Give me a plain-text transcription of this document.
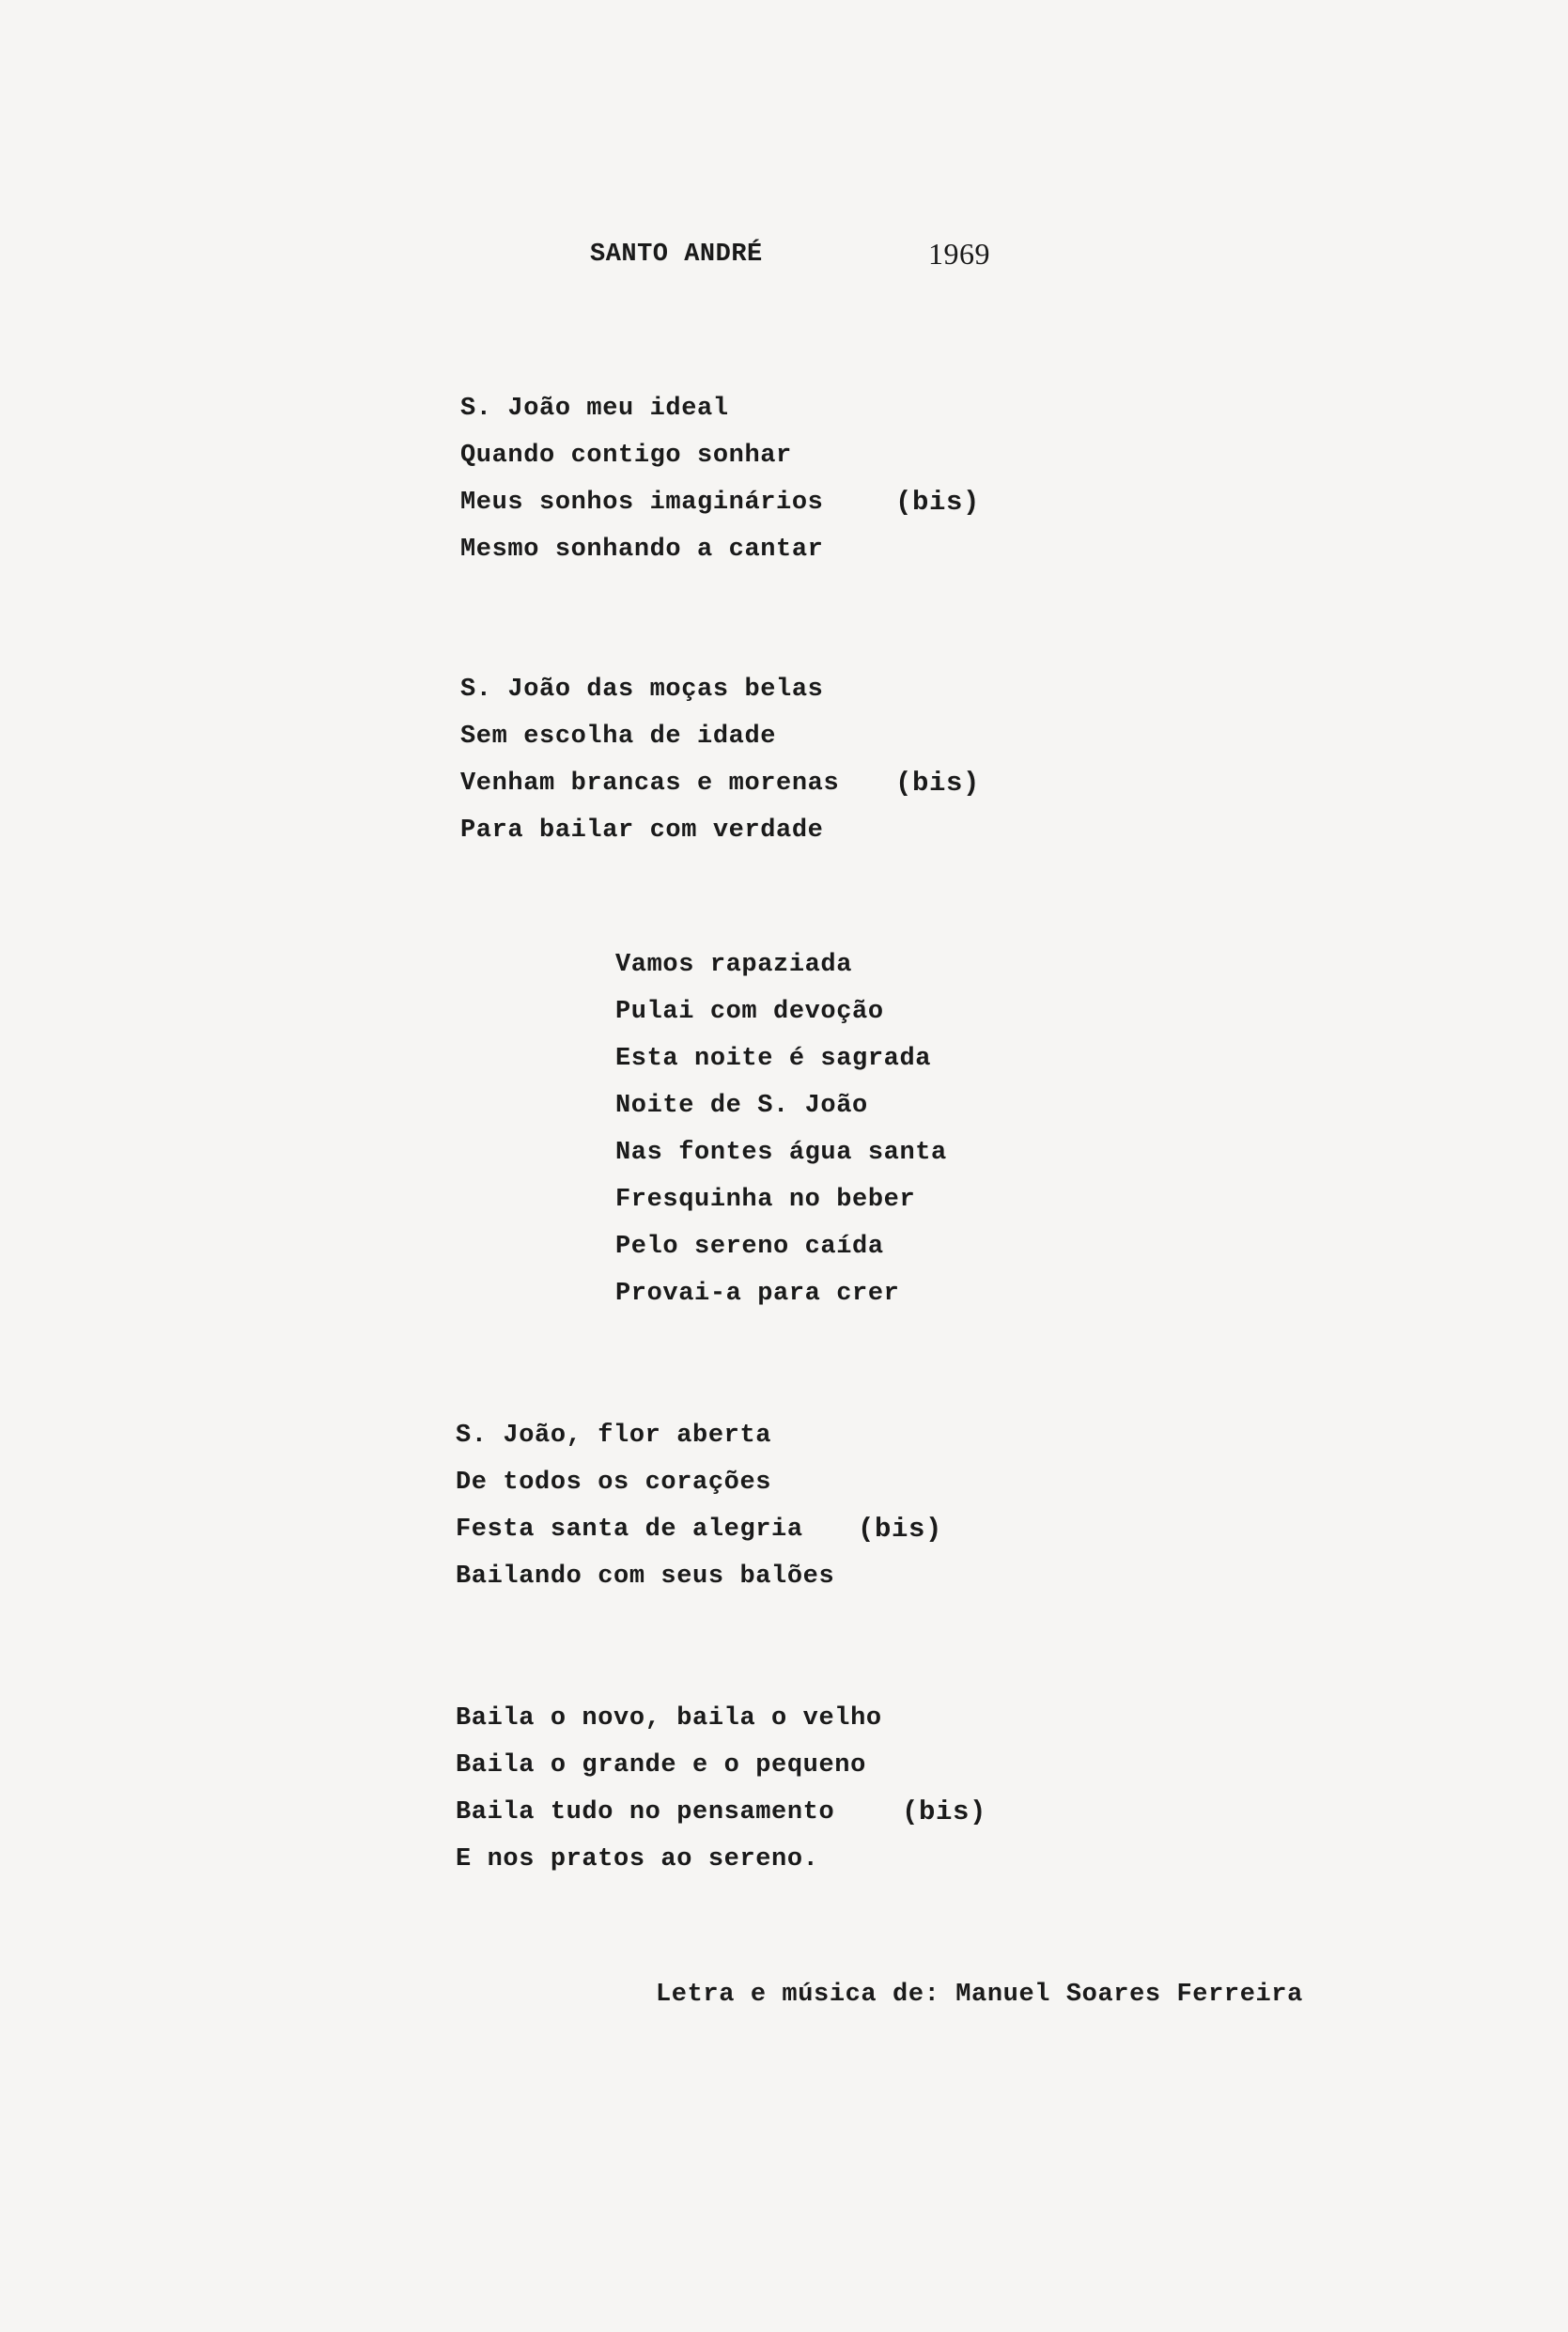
SANTO ANDRÉ	1969
S. João meu ideal
Quando contigo sonhar
Meus sonhos imaginários	(bis)
Mesmo sonhando a cantar
S. João das moças belas
Sem escolha de idade
Venham brancas e morenas (bis)
Para bailar com verdade
Vamos rapaziada
Pulai com devoção
Esta noite é sagrada
Noite de S. João
Nas fontes água santa
Fresquinha no beber
Pelo sereno caída
Provai-a para crer
S. João, flor aberta
De todos os corações
Festa santa de alegria (bis)
Bailando com seus balões
Baila o novo, baila o velho
Baila o grande e o pequeno
Baila tudo no pensamento (bis)
E nos pratos ao sereno.
Letra e música de: Manuel Soares Ferreira
